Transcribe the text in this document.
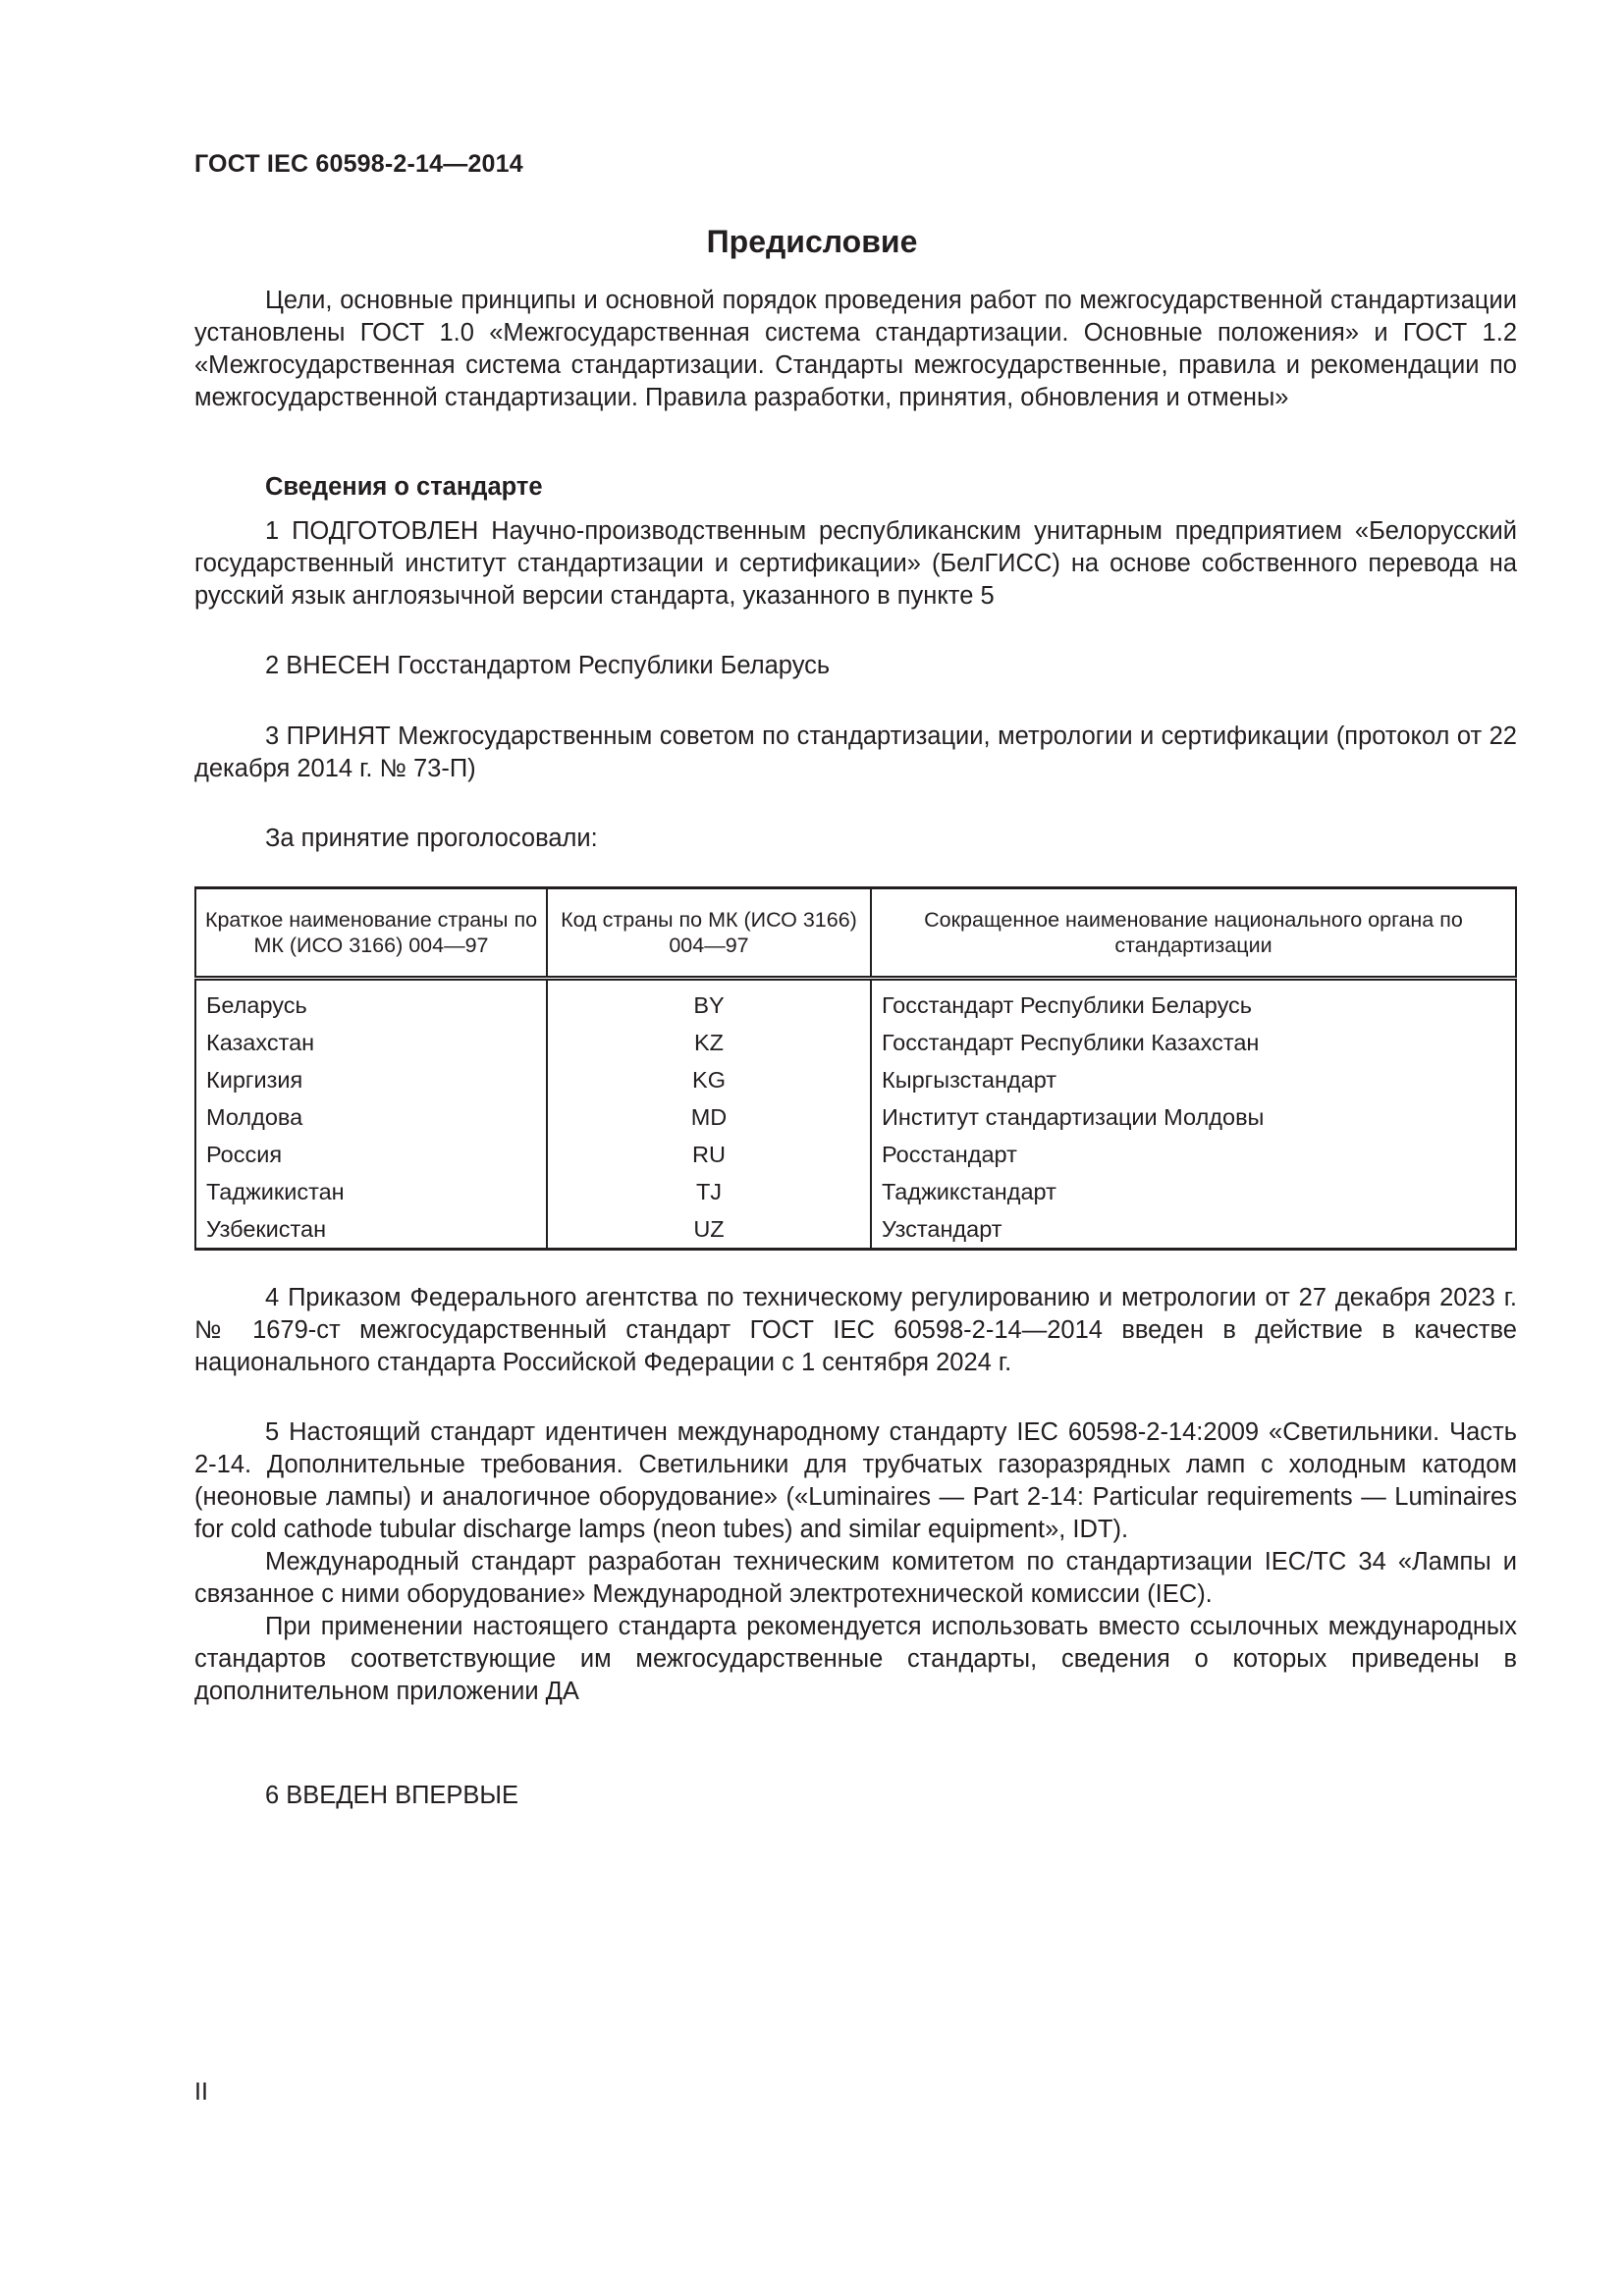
ГОСТ IEC 60598-2-14—2014
Предисловие

Цели, основные принципы и основной порядок проведения работ по межгосударственной стандартизации установлены ГОСТ 1.0 «Межгосударственная система стандартизации. Основные положения» и ГОСТ 1.2 «Межгосударственная система стандартизации. Стандарты межгосударственные, правила и рекомендации по межгосударственной стандартизации. Правила разработки, принятия, обновления и отмены»

Сведения о стандарте

1 ПОДГОТОВЛЕН Научно-производственным республиканским унитарным предприятием «Белорусский государственный институт стандартизации и сертификации» (БелГИСС) на основе собственного перевода на русский язык англоязычной версии стандарта, указанного в пункте 5

2 ВНЕСЕН Госстандартом Республики Беларусь

3 ПРИНЯТ Межгосударственным советом по стандартизации, метрологии и сертификации (протокол от 22 декабря 2014 г. № 73-П)

За принятие проголосовали:

Краткое наименование страны по МК (ИСО 3166) 004—97	Код страны по МК (ИСО 3166) 004—97	Сокращенное наименование национального органа по стандартизации
Беларусь	BY	Госстандарт Республики Беларусь
Казахстан	KZ	Госстандарт Республики Казахстан
Киргизия	KG	Кыргызстандарт
Молдова	MD	Институт стандартизации Молдовы
Россия	RU	Росстандарт
Таджикистан	TJ	Таджикстандарт
Узбекистан	UZ	Узстандарт

4 Приказом Федерального агентства по техническому регулированию и метрологии от 27 декабря 2023 г. № 1679-ст межгосударственный стандарт ГОСТ IEC 60598-2-14—2014 введен в действие в качестве национального стандарта Российской Федерации с 1 сентября 2024 г.

5 Настоящий стандарт идентичен международному стандарту IEC 60598-2-14:2009 «Светильники. Часть 2-14. Дополнительные требования. Светильники для трубчатых газоразрядных ламп с холодным катодом (неоновые лампы) и аналогичное оборудование» («Luminaires — Part 2-14: Particular requirements — Luminaires for cold cathode tubular discharge lamps (neon tubes) and similar equipment», IDT).

Международный стандарт разработан техническим комитетом по стандартизации IEC/TC 34 «Лампы и связанное с ними оборудование» Международной электротехнической комиссии (IEC).

При применении настоящего стандарта рекомендуется использовать вместо ссылочных международных стандартов соответствующие им межгосударственные стандарты, сведения о которых приведены в дополнительном приложении ДА

6 ВВЕДЕН ВПЕРВЫЕ

II
